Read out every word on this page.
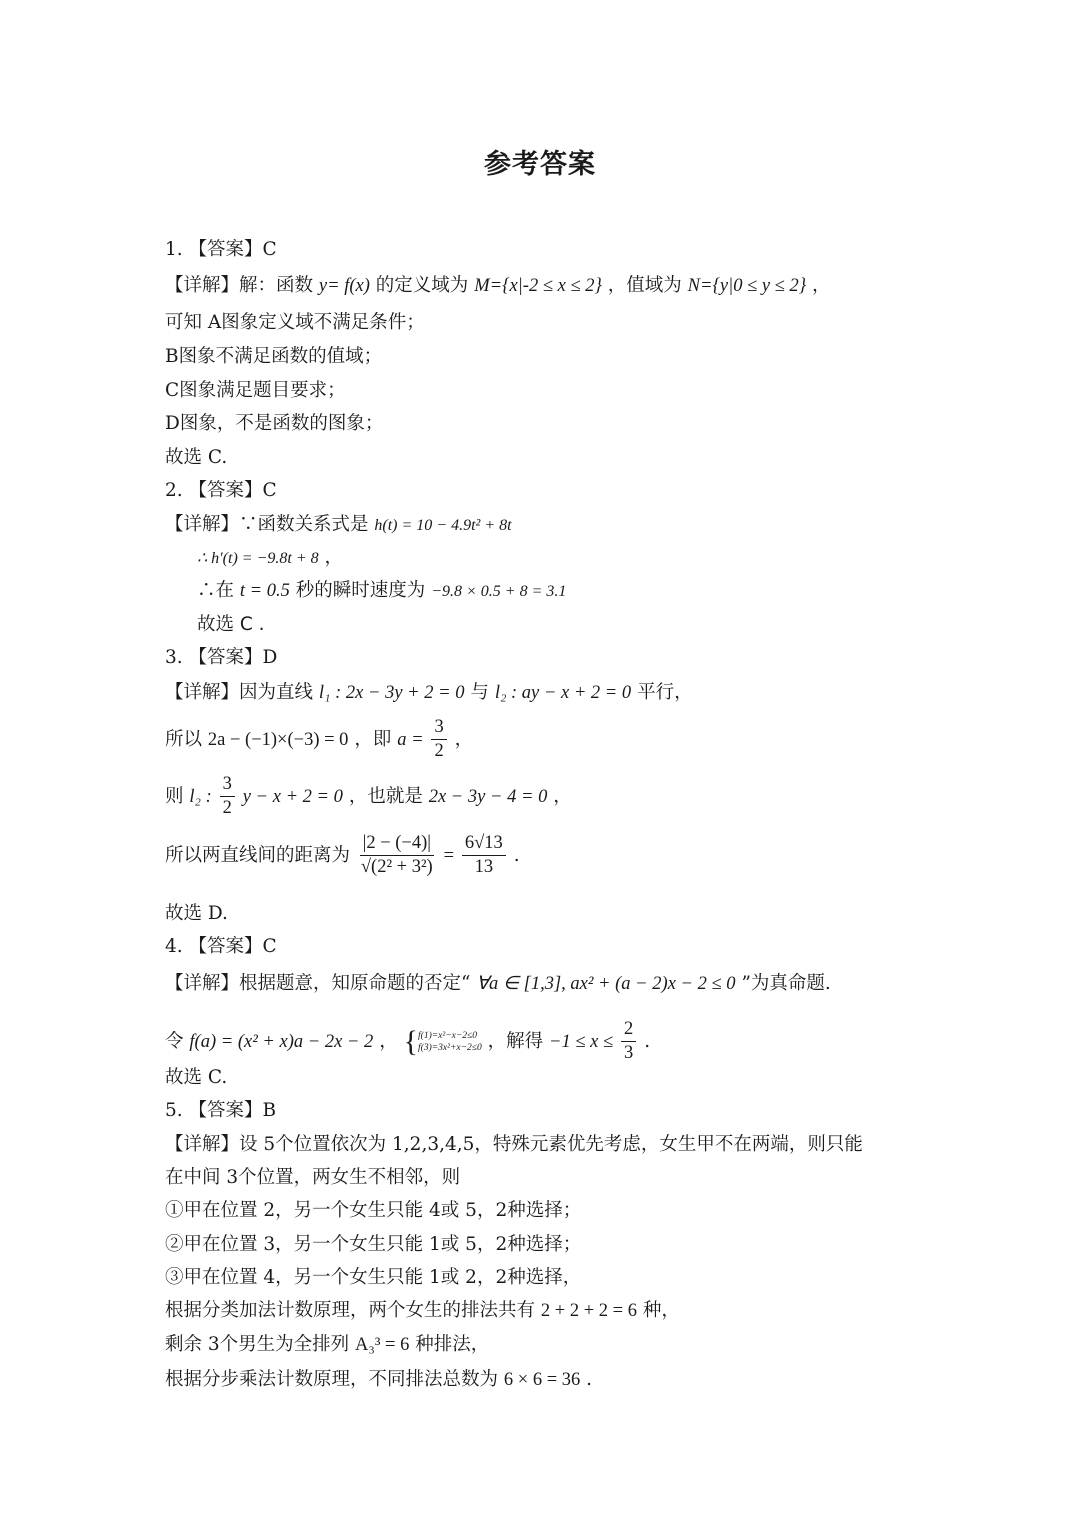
参考答案
1. 【答案】C
【详解】解：函数 y= f(x) 的定义域为 M={x|-2 ≤ x ≤ 2} ，值域为 N={y|0 ≤ y ≤ 2} ，
可知 A图象定义域不满足条件；
B图象不满足函数的值域；
C图象满足题目要求；
D图象，不是函数的图象；
故选 C.
2. 【答案】C
【详解】∵函数关系式是 h(t) = 10 − 4.9t² + 8t
∴ h′(t) = −9.8t + 8 ，
∴在 t = 0.5 秒的瞬时速度为 −9.8 × 0.5 + 8 = 3.1
故选 C .
3. 【答案】D
【详解】因为直线 l₁ : 2x − 3y + 2 = 0 与 l₂ : ay − x + 2 = 0 平行，
所以 2a − (−1)×(−3) = 0 ，即 $a = \frac{3}{2}$ ，
则 l₂ : $\frac{3}{2}$ y − x + 2 = 0 ，也就是 2x − 3y − 4 = 0 ，
所以两直线间的距离为 $\frac{|2 - (-4)|}{\text{√(2² + 3²)}} = \frac{6√13}{13}$ .
故选 D.
4. 【答案】C
【详解】根据题意，知原命题的否定“ ∀a ∈ [1,3], ax² + (a − 2)x − 2 ≤ 0 ”为真命题.
令 f(a) = (x² + x)a − 2x − 2 ， { f(1)=x²−x−2≤0
f(3)=3x²+x−2≤0 ，解得 $-1 \le x \le \frac{2}{3}$ .
故选 C.
5. 【答案】B
【详解】设 5个位置依次为 1,2,3,4,5，特殊元素优先考虑，女生甲不在两端，则只能
在中间 3个位置，两女生不相邻，则
①甲在位置 2，另一个女生只能 4或 5，2种选择；
②甲在位置 3，另一个女生只能 1或 5，2种选择；
③甲在位置 4，另一个女生只能 1或 2，2种选择，
根据分类加法计数原理，两个女生的排法共有 2 + 2 + 2 = 6 种，
剩余 3个男生为全排列 A₃³ = 6 种排法，
根据分步乘法计数原理，不同排法总数为 6 × 6 = 36 .
